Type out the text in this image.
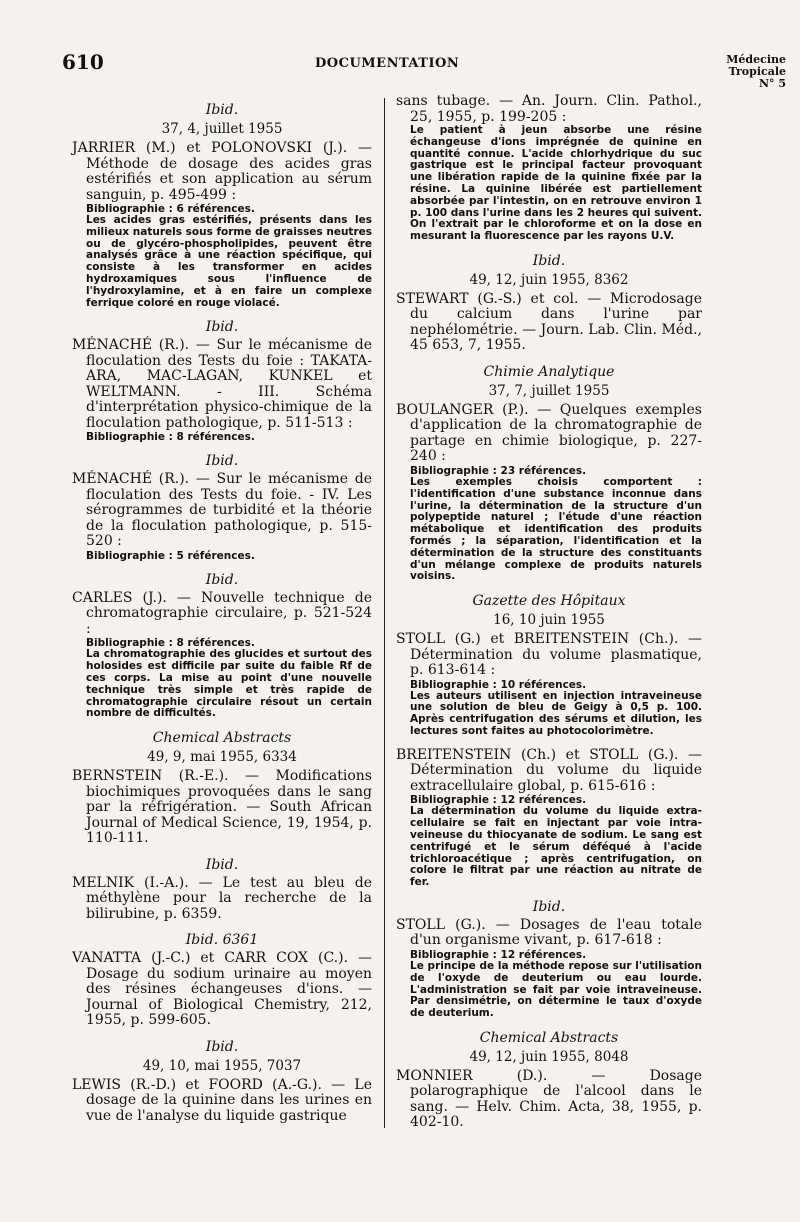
610	DOCUMENTATION	Médecine
Tropicale
N° 5
Ibid.
37, 4, juillet 1955
JARRIER (M.) et POLONOVSKI (J.). — Méthode de dosage des acides gras estérifiés et son application au sérum sanguin, p. 495-499 :
Bibliographie : 6 références.
Les acides gras estérifiés, présents dans les milieux naturels sous forme de graisses neutres ou de glycéro-phospholipides, peuvent être analysés grâce à une réaction spécifique, qui consiste à les transformer en acides hydroxamiques sous l'influence de l'hydroxylamine, et à en faire un complexe ferrique coloré en rouge violacé.
Ibid.
MÉNACHÉ (R.). — Sur le mécanisme de floculation des Tests du foie : TAKATA-ARA, MAC-LAGAN, KUNKEL et WELTMANN. - III. Schéma d'interprétation physico-chimique de la floculation pathologique, p. 511-513 :
Bibliographie : 8 références.
Ibid.
MÉNACHÉ (R.). — Sur le mécanisme de floculation des Tests du foie. - IV. Les sérogrammes de turbidité et la théorie de la floculation pathologique, p. 515-520 :
Bibliographie : 5 références.
Ibid.
CARLES (J.). — Nouvelle technique de chromatographie circulaire, p. 521-524 :
Bibliographie : 8 références.
La chromatographie des glucides et surtout des holosides est difficile par suite du faible Rf de ces corps. La mise au point d'une nouvelle technique très simple et très rapide de chromatographie circulaire résout un certain nombre de difficultés.
Chemical Abstracts
49, 9, mai 1955, 6334
BERNSTEIN (R.-E.). — Modifications biochimiques provoquées dans le sang par la réfrigération. — South African Journal of Medical Science, 19, 1954, p. 110-111.
Ibid.
MELNIK (I.-A.). — Le test au bleu de méthylène pour la recherche de la bilirubine, p. 6359.
Ibid. 6361
VANATTA (J.-C.) et CARR COX (C.). — Dosage du sodium urinaire au moyen des résines échangeuses d'ions. — Journal of Biological Chemistry, 212, 1955, p. 599-605.
Ibid.
49, 10, mai 1955, 7037
LEWIS (R.-D.) et FOORD (A.-G.). — Le dosage de la quinine dans les urines en vue de l'analyse du liquide gastrique
sans tubage. — An. Journ. Clin. Pathol., 25, 1955, p. 199-205 :
Le patient à jeun absorbe une résine échangeuse d'ions imprégnée de quinine en quantité connue. L'acide chlorhydrique du suc gastrique est le principal facteur provoquant une libération rapide de la quinine fixée par la résine. La quinine libérée est partiellement absorbée par l'intestin, on en retrouve environ 1 p. 100 dans l'urine dans les 2 heures qui suivent. On l'extrait par le chloroforme et on la dose en mesurant la fluorescence par les rayons U.V.
Ibid.
49, 12, juin 1955, 8362
STEWART (G.-S.) et col. — Microdosage du calcium dans l'urine par nephélométrie. — Journ. Lab. Clin. Méd., 45 653, 7, 1955.
Chimie Analytique
37, 7, juillet 1955
BOULANGER (P.). — Quelques exemples d'application de la chromatographie de partage en chimie biologique, p. 227-240 :
Bibliographie : 23 références.
Les exemples choisis comportent : l'identification d'une substance inconnue dans l'urine, la détermination de la structure d'un polypeptide naturel ; l'étude d'une réaction métabolique et identification des produits formés ; la séparation, l'identification et la détermination de la structure des constituants d'un mélange complexe de produits naturels voisins.
Gazette des Hôpitaux
16, 10 juin 1955
STOLL (G.) et BREITENSTEIN (Ch.). — Détermination du volume plasmatique, p. 613-614 :
Bibliographie : 10 références.
Les auteurs utilisent en injection intraveineuse une solution de bleu de Geigy à 0,5 p. 100. Après centrifugation des sérums et dilution, les lectures sont faites au photocolorimètre.
BREITENSTEIN (Ch.) et STOLL (G.). — Détermination du volume du liquide extracellulaire global, p. 615-616 :
Bibliographie : 12 références.
La détermination du volume du liquide extra-cellulaire se fait en injectant par voie intra-veineuse du thiocyanate de sodium. Le sang est centrifugé et le sérum déféqué à l'acide trichloroacétique ; après centrifugation, on colore le filtrat par une réaction au nitrate de fer.
Ibid.
STOLL (G.). — Dosages de l'eau totale d'un organisme vivant, p. 617-618 :
Bibliographie : 12 références.
Le principe de la méthode repose sur l'utilisation de l'oxyde de deuterium ou eau lourde. L'administration se fait par voie intraveineuse. Par densimétrie, on détermine le taux d'oxyde de deuterium.
Chemical Abstracts
49, 12, juin 1955, 8048
MONNIER (D.). — Dosage polarographique de l'alcool dans le sang. — Helv. Chim. Acta, 38, 1955, p. 402-10.
